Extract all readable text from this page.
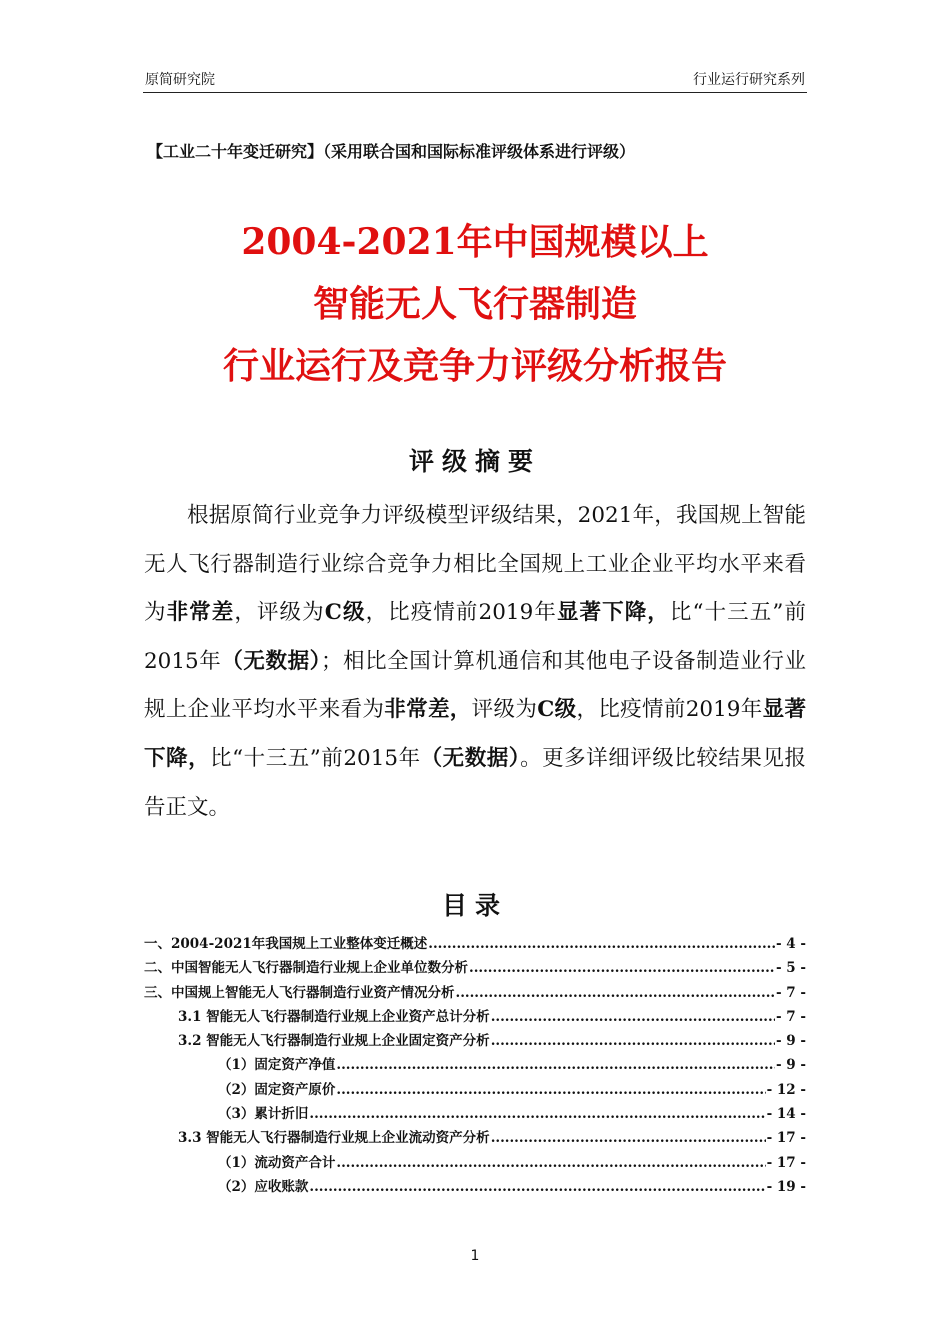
原简研究院	行业运行研究系列
【工业二十年变迁研究】（采用联合国和国际标准评级体系进行评级）
2004-2021年中国规模以上
智能无人飞行器制造
行业运行及竞争力评级分析报告
评级摘要

根据原简行业竞争力评级模型评级结果，2021年，我国规上智能无人飞行器制造行业综合竞争力相比全国规上工业企业平均水平来看为非常差，评级为C级，比疫情前2019年显著下降，比“十三五”前2015年（无数据）；相比全国计算机通信和其他电子设备制造业行业规上企业平均水平来看为非常差，评级为C级，比疫情前2019年显著下降，比“十三五”前2015年（无数据）。更多详细评级比较结果见报告正文。

目录
一、2004-2021年我国规上工业整体变迁概述 .....	- 4 -
二、中国智能无人飞行器制造行业规上企业单位数分析 .....	- 5 -
三、中国规上智能无人飞行器制造行业资产情况分析 .....	- 7 -
3.1 智能无人飞行器制造行业规上企业资产总计分析 .....	- 7 -
3.2 智能无人飞行器制造行业规上企业固定资产分析 .....	- 9 -
（1）固定资产净值 .....	- 9 -
（2）固定资产原价 .....	- 12 -
（3）累计折旧 .....	- 14 -
3.3 智能无人飞行器制造行业规上企业流动资产分析 .....	- 17 -
（1）流动资产合计 .....	- 17 -
（2）应收账款 .....	- 19 -
1
